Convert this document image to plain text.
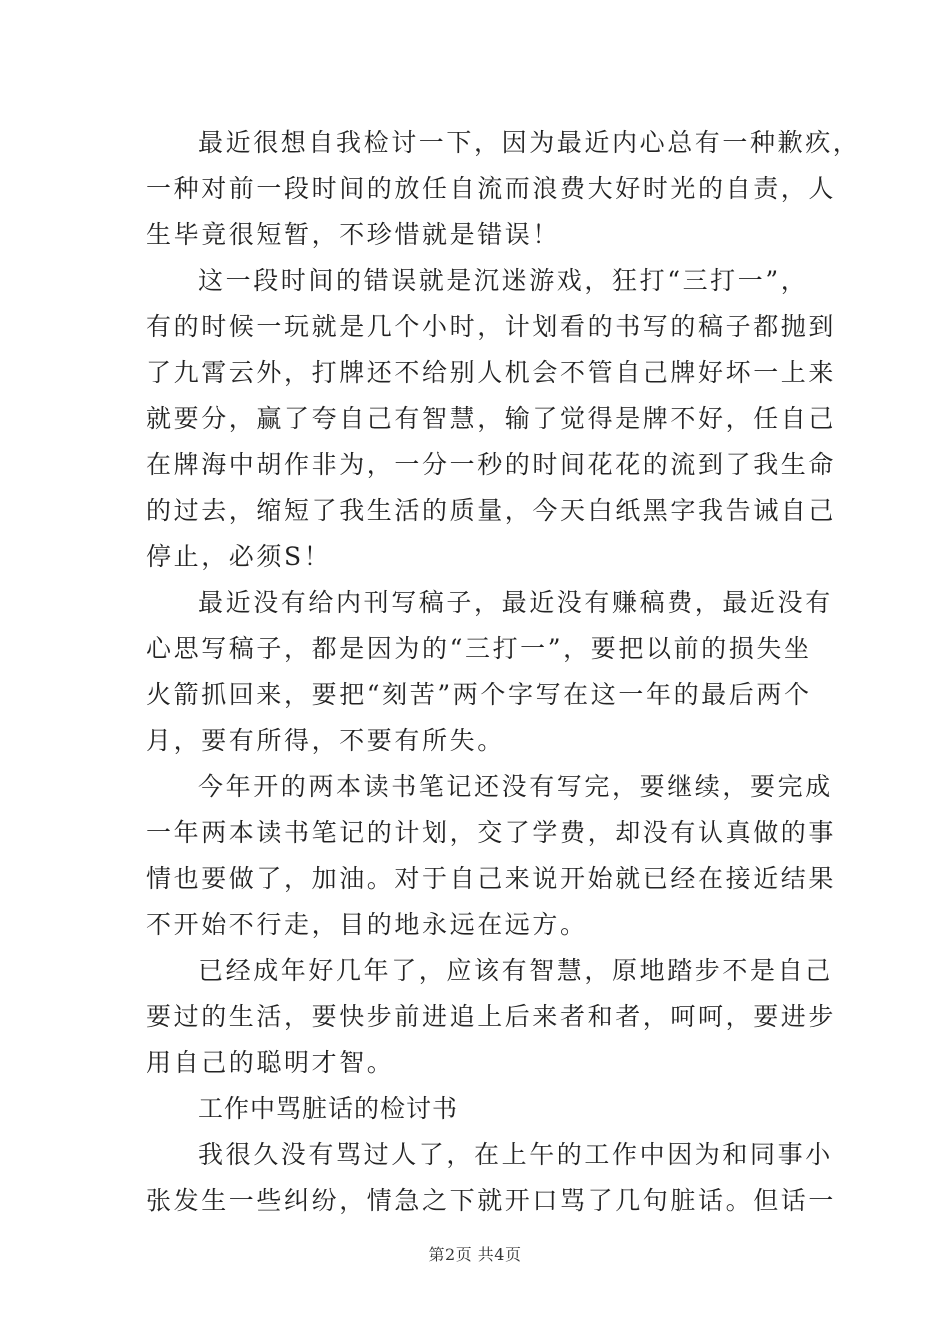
最近很想自我检讨一下，因为最近内心总有一种歉疚，
一种对前一段时间的放任自流而浪费大好时光的自责，人
生毕竟很短暂，不珍惜就是错误！
这一段时间的错误就是沉迷游戏，狂打“三打一”，
有的时候一玩就是几个小时，计划看的书写的稿子都抛到
了九霄云外，打牌还不给别人机会不管自己牌好坏一上来
就要分，赢了夸自己有智慧，输了觉得是牌不好，任自己
在牌海中胡作非为，一分一秒的时间花花的流到了我生命
的过去，缩短了我生活的质量，今天白纸黑字我告诫自己
停止，必须S！
最近没有给内刊写稿子，最近没有赚稿费，最近没有
心思写稿子，都是因为的“三打一”，要把以前的损失坐
火箭抓回来，要把“刻苦”两个字写在这一年的最后两个
月，要有所得，不要有所失。
今年开的两本读书笔记还没有写完，要继续，要完成
一年两本读书笔记的计划，交了学费，却没有认真做的事
情也要做了，加油。对于自己来说开始就已经在接近结果
不开始不行走，目的地永远在远方。
已经成年好几年了，应该有智慧，原地踏步不是自己
要过的生活，要快步前进追上后来者和者，呵呵，要进步
用自己的聪明才智。
工作中骂脏话的检讨书
我很久没有骂过人了，在上午的工作中因为和同事小
张发生一些纠纷，情急之下就开口骂了几句脏话。但话一
第2页 共4页
